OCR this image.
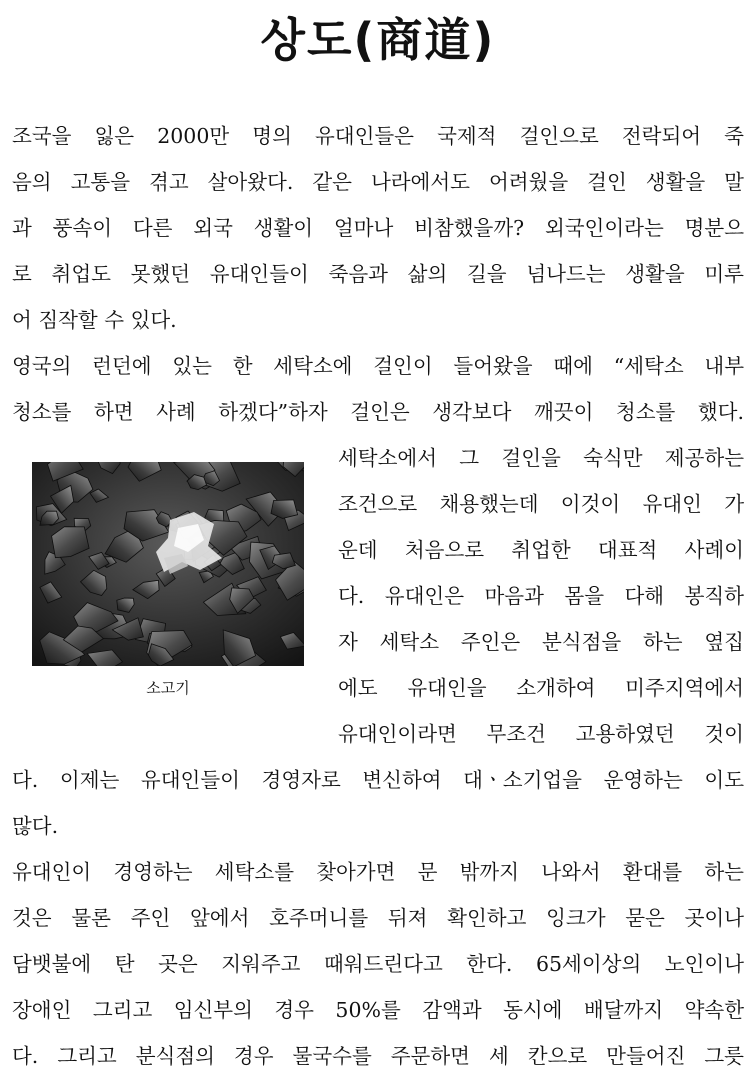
상도(商道)
조국을 잃은 2000만 명의 유대인들은 국제적 걸인으로 전락되어 죽
음의 고통을 겪고 살아왔다. 같은 나라에서도 어려웠을 걸인 생활을 말
과 풍속이 다른 외국 생활이 얼마나 비참했을까? 외국인이라는 명분으
로 취업도 못했던 유대인들이 죽음과 삶의 길을 넘나드는 생활을 미루
어 짐작할 수 있다.
영국의 런던에 있는 한 세탁소에 걸인이 들어왔을 때에 “세탁소 내부
청소를 하면 사례 하겠다”하자 걸인은 생각보다 깨끗이 청소를 했다.
세탁소에서 그 걸인을 숙식만 제공하는
조건으로 채용했는데 이것이 유대인 가
운데 처음으로 취업한 대표적 사례이
다. 유대인은 마음과 몸을 다해 봉직하
자 세탁소 주인은 분식점을 하는 옆집
에도 유대인을 소개하여 미주지역에서
유대인이라면 무조건 고용하였던 것이
다. 이제는 유대인들이 경영자로 변신하여 대ㆍ소기업을 운영하는 이도
많다.
유대인이 경영하는 세탁소를 찾아가면 문 밖까지 나와서 환대를 하는
것은 물론 주인 앞에서 호주머니를 뒤져 확인하고 잉크가 묻은 곳이나
담뱃불에 탄 곳은 지워주고 때워드린다고 한다. 65세이상의 노인이나
장애인 그리고 임신부의 경우 50%를 감액과 동시에 배달까지 약속한
다. 그리고 분식점의 경우 물국수를 주문하면 세 칸으로 만들어진 그릇
소고기
